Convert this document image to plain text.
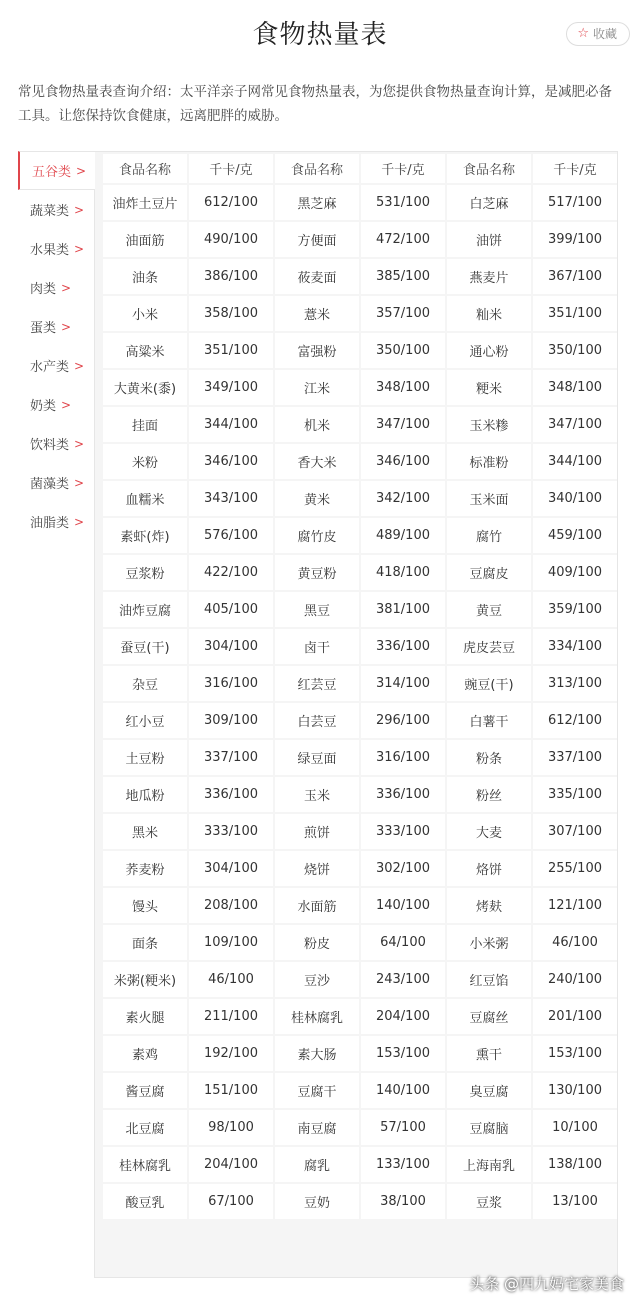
食物热量表	☆ 收藏
常见食物热量表查询介绍：太平洋亲子网常见食物热量表，为您提供食物热量查询计算，是减肥必备工具。让您保持饮食健康，远离肥胖的威胁。
五谷类 >
蔬菜类 >
水果类 >
肉类 >
蛋类 >
水产类 >
奶类 >
饮料类 >
菌藻类 >
油脂类 >
食品名称	千卡/克	食品名称	千卡/克	食品名称	千卡/克
油炸土豆片	612/100	黑芝麻	531/100	白芝麻	517/100
油面筋	490/100	方便面	472/100	油饼	399/100
油条	386/100	莜麦面	385/100	燕麦片	367/100
小米	358/100	薏米	357/100	籼米	351/100
高粱米	351/100	富强粉	350/100	通心粉	350/100
大黄米(黍)	349/100	江米	348/100	粳米	348/100
挂面	344/100	机米	347/100	玉米糁	347/100
米粉	346/100	香大米	346/100	标准粉	344/100
血糯米	343/100	黄米	342/100	玉米面	340/100
素虾(炸)	576/100	腐竹皮	489/100	腐竹	459/100
豆浆粉	422/100	黄豆粉	418/100	豆腐皮	409/100
油炸豆腐	405/100	黑豆	381/100	黄豆	359/100
蚕豆(干)	304/100	卤干	336/100	虎皮芸豆	334/100
杂豆	316/100	红芸豆	314/100	豌豆(干)	313/100
红小豆	309/100	白芸豆	296/100	白薯干	612/100
土豆粉	337/100	绿豆面	316/100	粉条	337/100
地瓜粉	336/100	玉米	336/100	粉丝	335/100
黑米	333/100	煎饼	333/100	大麦	307/100
荞麦粉	304/100	烧饼	302/100	烙饼	255/100
馒头	208/100	水面筋	140/100	烤麸	121/100
面条	109/100	粉皮	64/100	小米粥	46/100
米粥(粳米)	46/100	豆沙	243/100	红豆馅	240/100
素火腿	211/100	桂林腐乳	204/100	豆腐丝	201/100
素鸡	192/100	素大肠	153/100	熏干	153/100
酱豆腐	151/100	豆腐干	140/100	臭豆腐	130/100
北豆腐	98/100	南豆腐	57/100	豆腐脑	10/100
桂林腐乳	204/100	腐乳	133/100	上海南乳	138/100
酸豆乳	67/100	豆奶	38/100	豆浆	13/100
头条 @四九妈宅家美食
